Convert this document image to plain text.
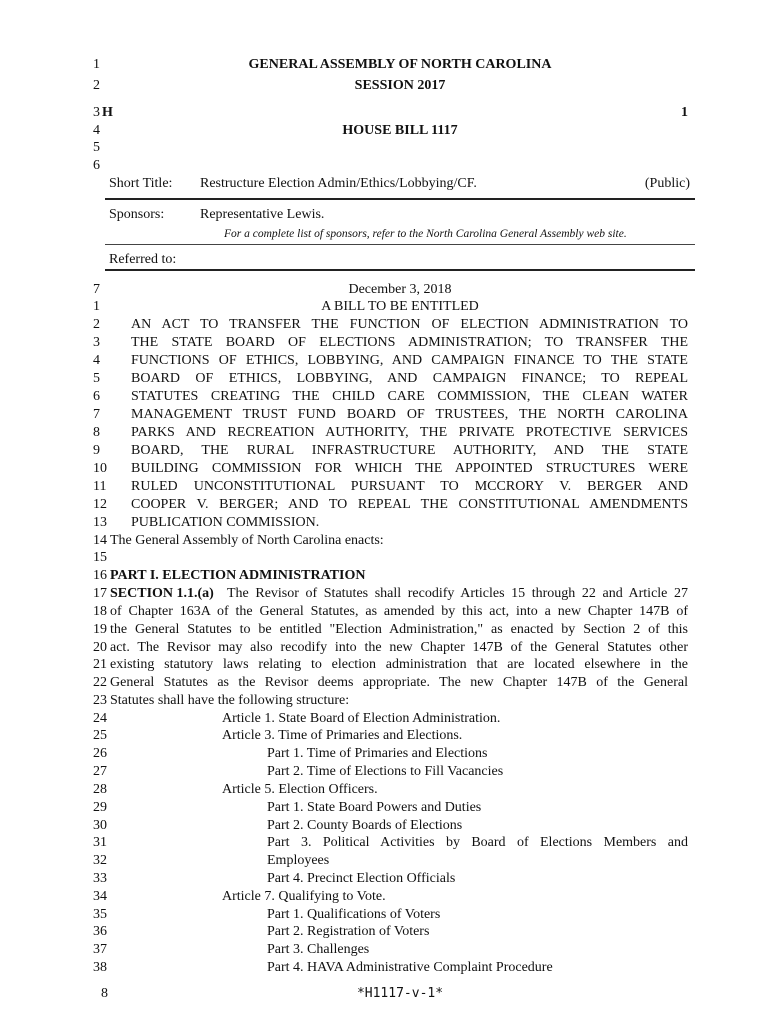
1	GENERAL ASSEMBLY OF NORTH CAROLINA
2	SESSION 2017
3 H	1
4	HOUSE BILL 1117
5
6
Short Title: Restructure Election Admin/Ethics/Lobbying/CF.	(Public)
Sponsors:	Representative Lewis.
For a complete list of sponsors, refer to the North Carolina General Assembly web site.
Referred to:
7	December 3, 2018
1	A BILL TO BE ENTITLED
2	AN ACT TO TRANSFER THE FUNCTION OF ELECTION ADMINISTRATION TO
3	THE STATE BOARD OF ELECTIONS ADMINISTRATION; TO TRANSFER THE
4	FUNCTIONS OF ETHICS, LOBBYING, AND CAMPAIGN FINANCE TO THE STATE
5	BOARD OF ETHICS, LOBBYING, AND CAMPAIGN FINANCE; TO REPEAL
6	STATUTES CREATING THE CHILD CARE COMMISSION, THE CLEAN WATER
7	MANAGEMENT TRUST FUND BOARD OF TRUSTEES, THE NORTH CAROLINA
8	PARKS AND RECREATION AUTHORITY, THE PRIVATE PROTECTIVE SERVICES
9	BOARD, THE RURAL INFRASTRUCTURE AUTHORITY, AND THE STATE
10	BUILDING COMMISSION FOR WHICH THE APPOINTED STRUCTURES WERE
11	RULED UNCONSTITUTIONAL PURSUANT TO MCCRORY V. BERGER AND
12	COOPER V. BERGER; AND TO REPEAL THE CONSTITUTIONAL AMENDMENTS
13	PUBLICATION COMMISSION.
14 The General Assembly of North Carolina enacts:
15
16 PART I. ELECTION ADMINISTRATION
17 SECTION 1.1.(a) The Revisor of Statutes shall recodify Articles 15 through 22 and Article 27
18 of Chapter 163A of the General Statutes, as amended by this act, into a new Chapter 147B of
19 the General Statutes to be entitled "Election Administration," as enacted by Section 2 of this
20 act. The Revisor may also recodify into the new Chapter 147B of the General Statutes other
21 existing statutory laws relating to election administration that are located elsewhere in the
22 General Statutes as the Revisor deems appropriate. The new Chapter 147B of the General
23 Statutes shall have the following structure:
24	Article 1. State Board of Election Administration.
25	Article 3. Time of Primaries and Elections.
26	Part 1. Time of Primaries and Elections
27	Part 2. Time of Elections to Fill Vacancies
28	Article 5. Election Officers.
29	Part 1. State Board Powers and Duties
30	Part 2. County Boards of Elections
31	Part 3. Political Activities by Board of Elections Members and
32	Employees
33	Part 4. Precinct Election Officials
34	Article 7. Qualifying to Vote.
35	Part 1. Qualifications of Voters
36	Part 2. Registration of Voters
37	Part 3. Challenges
38	Part 4. HAVA Administrative Complaint Procedure
8	*H1117-v-1*
